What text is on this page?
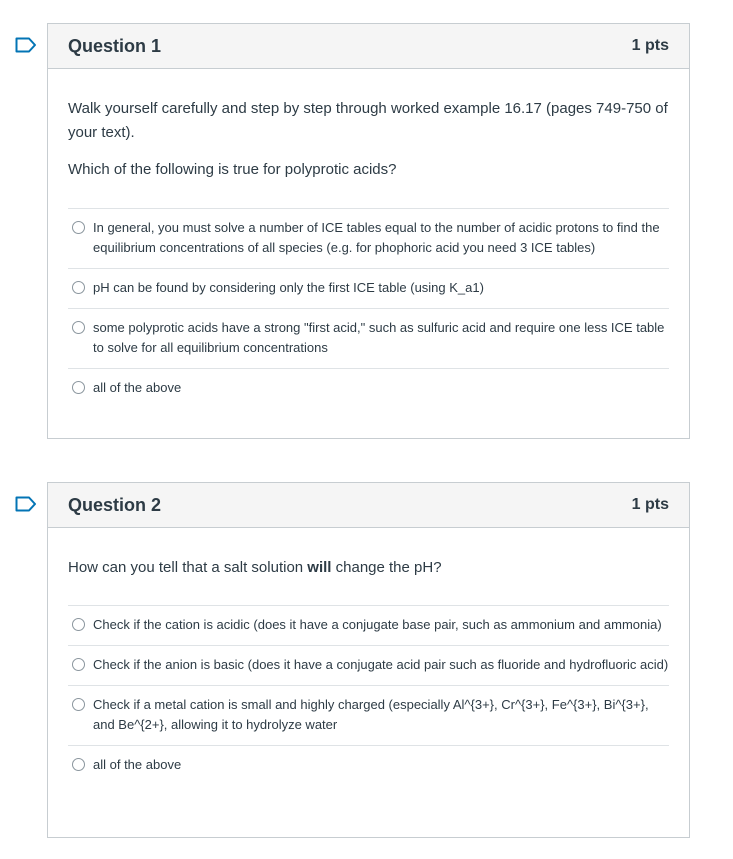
Question 1	1 pts

Walk yourself carefully and step by step through worked example 16.17 (pages 749-750 of your text).

Which of the following is true for polyprotic acids?

In general, you must solve a number of ICE tables equal to the number of acidic protons to find the equilibrium concentrations of all species (e.g. for phophoric acid you need 3 ICE tables)
pH can be found by considering only the first ICE table (using K_a1)
some polyprotic acids have a strong "first acid," such as sulfuric acid and require one less ICE table to solve for all equilibrium concentrations
all of the above
Question 2	1 pts

How can you tell that a salt solution will change the pH?

Check if the cation is acidic (does it have a conjugate base pair, such as ammonium and ammonia)
Check if the anion is basic (does it have a conjugate acid pair such as fluoride and hydrofluoric acid)
Check if a metal cation is small and highly charged (especially Al^{3+}, Cr^{3+}, Fe^{3+}, Bi^{3+}, and Be^{2+}, allowing it to hydrolyze water
all of the above
